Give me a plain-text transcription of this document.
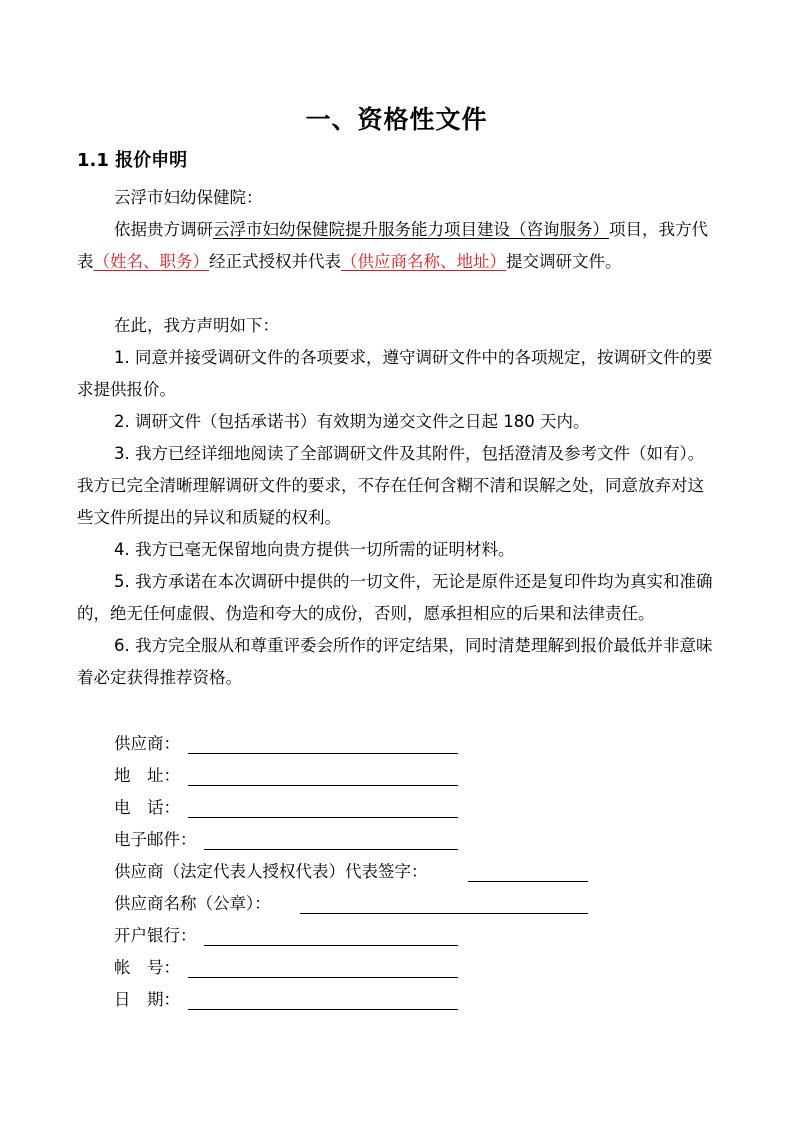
一、资格性文件
1.1 报价申明
云浮市妇幼保健院：

依据贵方调研云浮市妇幼保健院提升服务能力项目建设（咨询服务）项目，我方代表（姓名、职务）经正式授权并代表（供应商名称、地址）提交调研文件。

在此，我方声明如下：

1. 同意并接受调研文件的各项要求，遵守调研文件中的各项规定，按调研文件的要求提供报价。

2. 调研文件（包括承诺书）有效期为递交文件之日起 180 天内。

3. 我方已经详细地阅读了全部调研文件及其附件，包括澄清及参考文件（如有）。我方已完全清晰理解调研文件的要求，不存在任何含糊不清和误解之处，同意放弃对这些文件所提出的异议和质疑的权利。

4. 我方已毫无保留地向贵方提供一切所需的证明材料。

5. 我方承诺在本次调研中提供的一切文件，无论是原件还是复印件均为真实和准确的，绝无任何虚假、伪造和夸大的成份，否则，愿承担相应的后果和法律责任。

6. 我方完全服从和尊重评委会所作的评定结果，同时清楚理解到报价最低并非意味着必定获得推荐资格。

供应商：
地　址：
电　话：
电子邮件：
供应商（法定代表人授权代表）代表签字：
供应商名称（公章）：
开户银行：
帐　号：
日　期：
